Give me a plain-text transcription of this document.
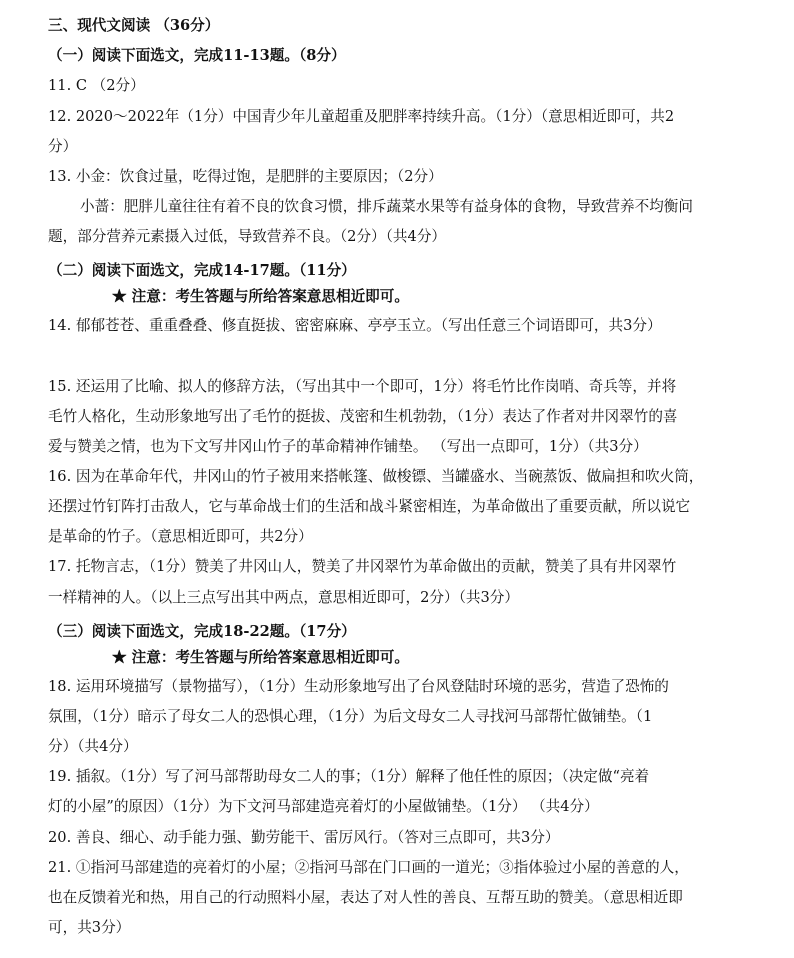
三、现代文阅读 （36分）
（一）阅读下面选文，完成11-13题。（8分）
11. C （2分）
12. 2020～2022年（1分）中国青少年儿童超重及肥胖率持续升高。（1分）（意思相近即可，共2
分）
13. 小金：饮食过量，吃得过饱，是肥胖的主要原因；（2分）
小蔷：肥胖儿童往往有着不良的饮食习惯，排斥蔬菜水果等有益身体的食物，导致营养不均衡问
题，部分营养元素摄入过低，导致营养不良。（2分）（共4分）
（二）阅读下面选文，完成14-17题。（11分）
★ 注意：考生答题与所给答案意思相近即可。
14. 郁郁苍苍、重重叠叠、修直挺拔、密密麻麻、亭亭玉立。（写出任意三个词语即可，共3分）
15. 还运用了比喻、拟人的修辞方法，（写出其中一个即可，1分）将毛竹比作岗哨、奇兵等，并将
毛竹人格化，生动形象地写出了毛竹的挺拔、茂密和生机勃勃，（1分）表达了作者对井冈翠竹的喜
爱与赞美之情，也为下文写井冈山竹子的革命精神作铺垫。 （写出一点即可，1分）（共3分）
16. 因为在革命年代，井冈山的竹子被用来搭帐篷、做梭镖、当罐盛水、当碗蒸饭、做扁担和吹火筒，
还摆过竹钉阵打击敌人，它与革命战士们的生活和战斗紧密相连，为革命做出了重要贡献，所以说它
是革命的竹子。（意思相近即可，共2分）
17. 托物言志，（1分）赞美了井冈山人，赞美了井冈翠竹为革命做出的贡献，赞美了具有井冈翠竹
一样精神的人。（以上三点写出其中两点，意思相近即可，2分）（共3分）
（三）阅读下面选文，完成18-22题。（17分）
★ 注意：考生答题与所给答案意思相近即可。
18. 运用环境描写（景物描写），（1分）生动形象地写出了台风登陆时环境的恶劣，营造了恐怖的
氛围，（1分）暗示了母女二人的恐惧心理，（1分）为后文母女二人寻找河马部帮忙做铺垫。（1
分）（共4分）
19. 插叙。（1分）写了河马部帮助母女二人的事；（1分）解释了他任性的原因；（决定做“亮着
灯的小屋”的原因）（1分）为下文河马部建造亮着灯的小屋做铺垫。（1分） （共4分）
20. 善良、细心、动手能力强、勤劳能干、雷厉风行。（答对三点即可，共3分）
21. ①指河马部建造的亮着灯的小屋；②指河马部在门口画的一道光；③指体验过小屋的善意的人，
也在反馈着光和热，用自己的行动照料小屋，表达了对人性的善良、互帮互助的赞美。（意思相近即
可，共3分）
